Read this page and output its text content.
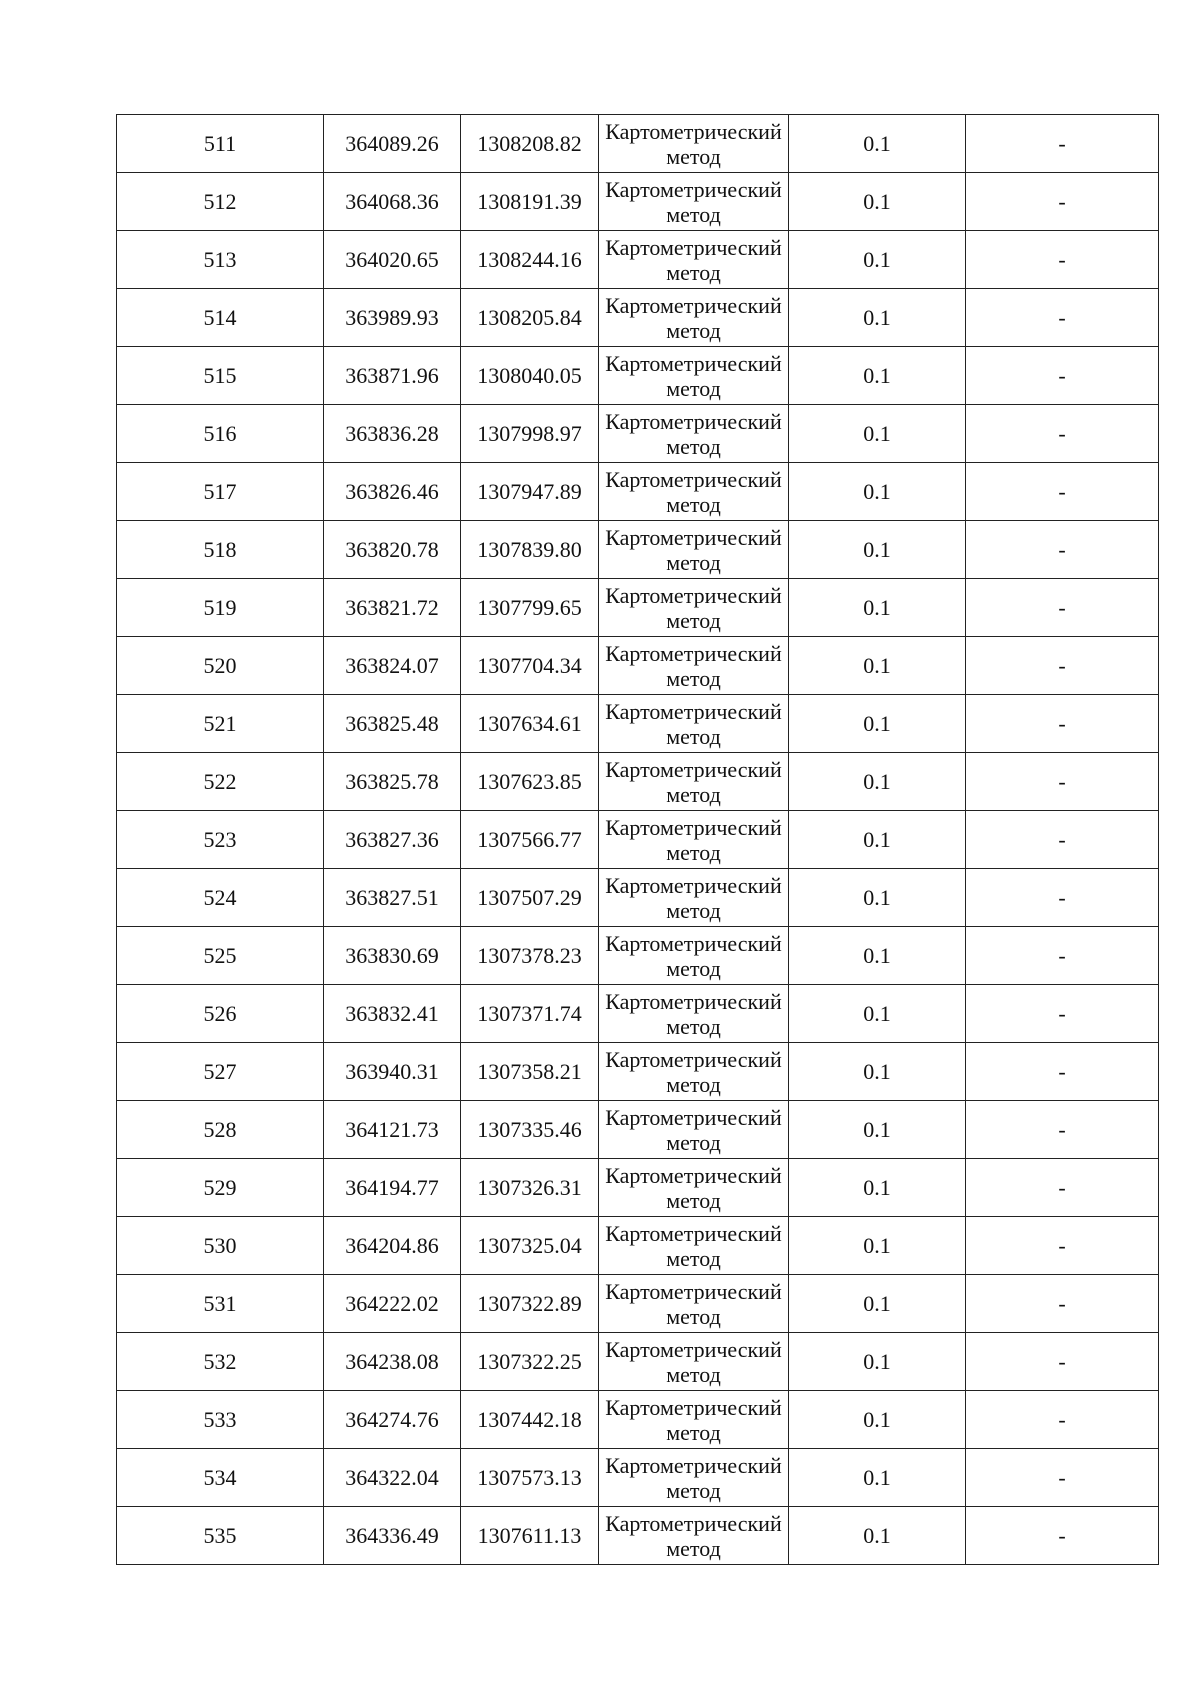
511	364089.26	1308208.82	Картометрический метод	0.1	-
512	364068.36	1308191.39	Картометрический метод	0.1	-
513	364020.65	1308244.16	Картометрический метод	0.1	-
514	363989.93	1308205.84	Картометрический метод	0.1	-
515	363871.96	1308040.05	Картометрический метод	0.1	-
516	363836.28	1307998.97	Картометрический метод	0.1	-
517	363826.46	1307947.89	Картометрический метод	0.1	-
518	363820.78	1307839.80	Картометрический метод	0.1	-
519	363821.72	1307799.65	Картометрический метод	0.1	-
520	363824.07	1307704.34	Картометрический метод	0.1	-
521	363825.48	1307634.61	Картометрический метод	0.1	-
522	363825.78	1307623.85	Картометрический метод	0.1	-
523	363827.36	1307566.77	Картометрический метод	0.1	-
524	363827.51	1307507.29	Картометрический метод	0.1	-
525	363830.69	1307378.23	Картометрический метод	0.1	-
526	363832.41	1307371.74	Картометрический метод	0.1	-
527	363940.31	1307358.21	Картометрический метод	0.1	-
528	364121.73	1307335.46	Картометрический метод	0.1	-
529	364194.77	1307326.31	Картометрический метод	0.1	-
530	364204.86	1307325.04	Картометрический метод	0.1	-
531	364222.02	1307322.89	Картометрический метод	0.1	-
532	364238.08	1307322.25	Картометрический метод	0.1	-
533	364274.76	1307442.18	Картометрический метод	0.1	-
534	364322.04	1307573.13	Картометрический метод	0.1	-
535	364336.49	1307611.13	Картометрический метод	0.1	-
